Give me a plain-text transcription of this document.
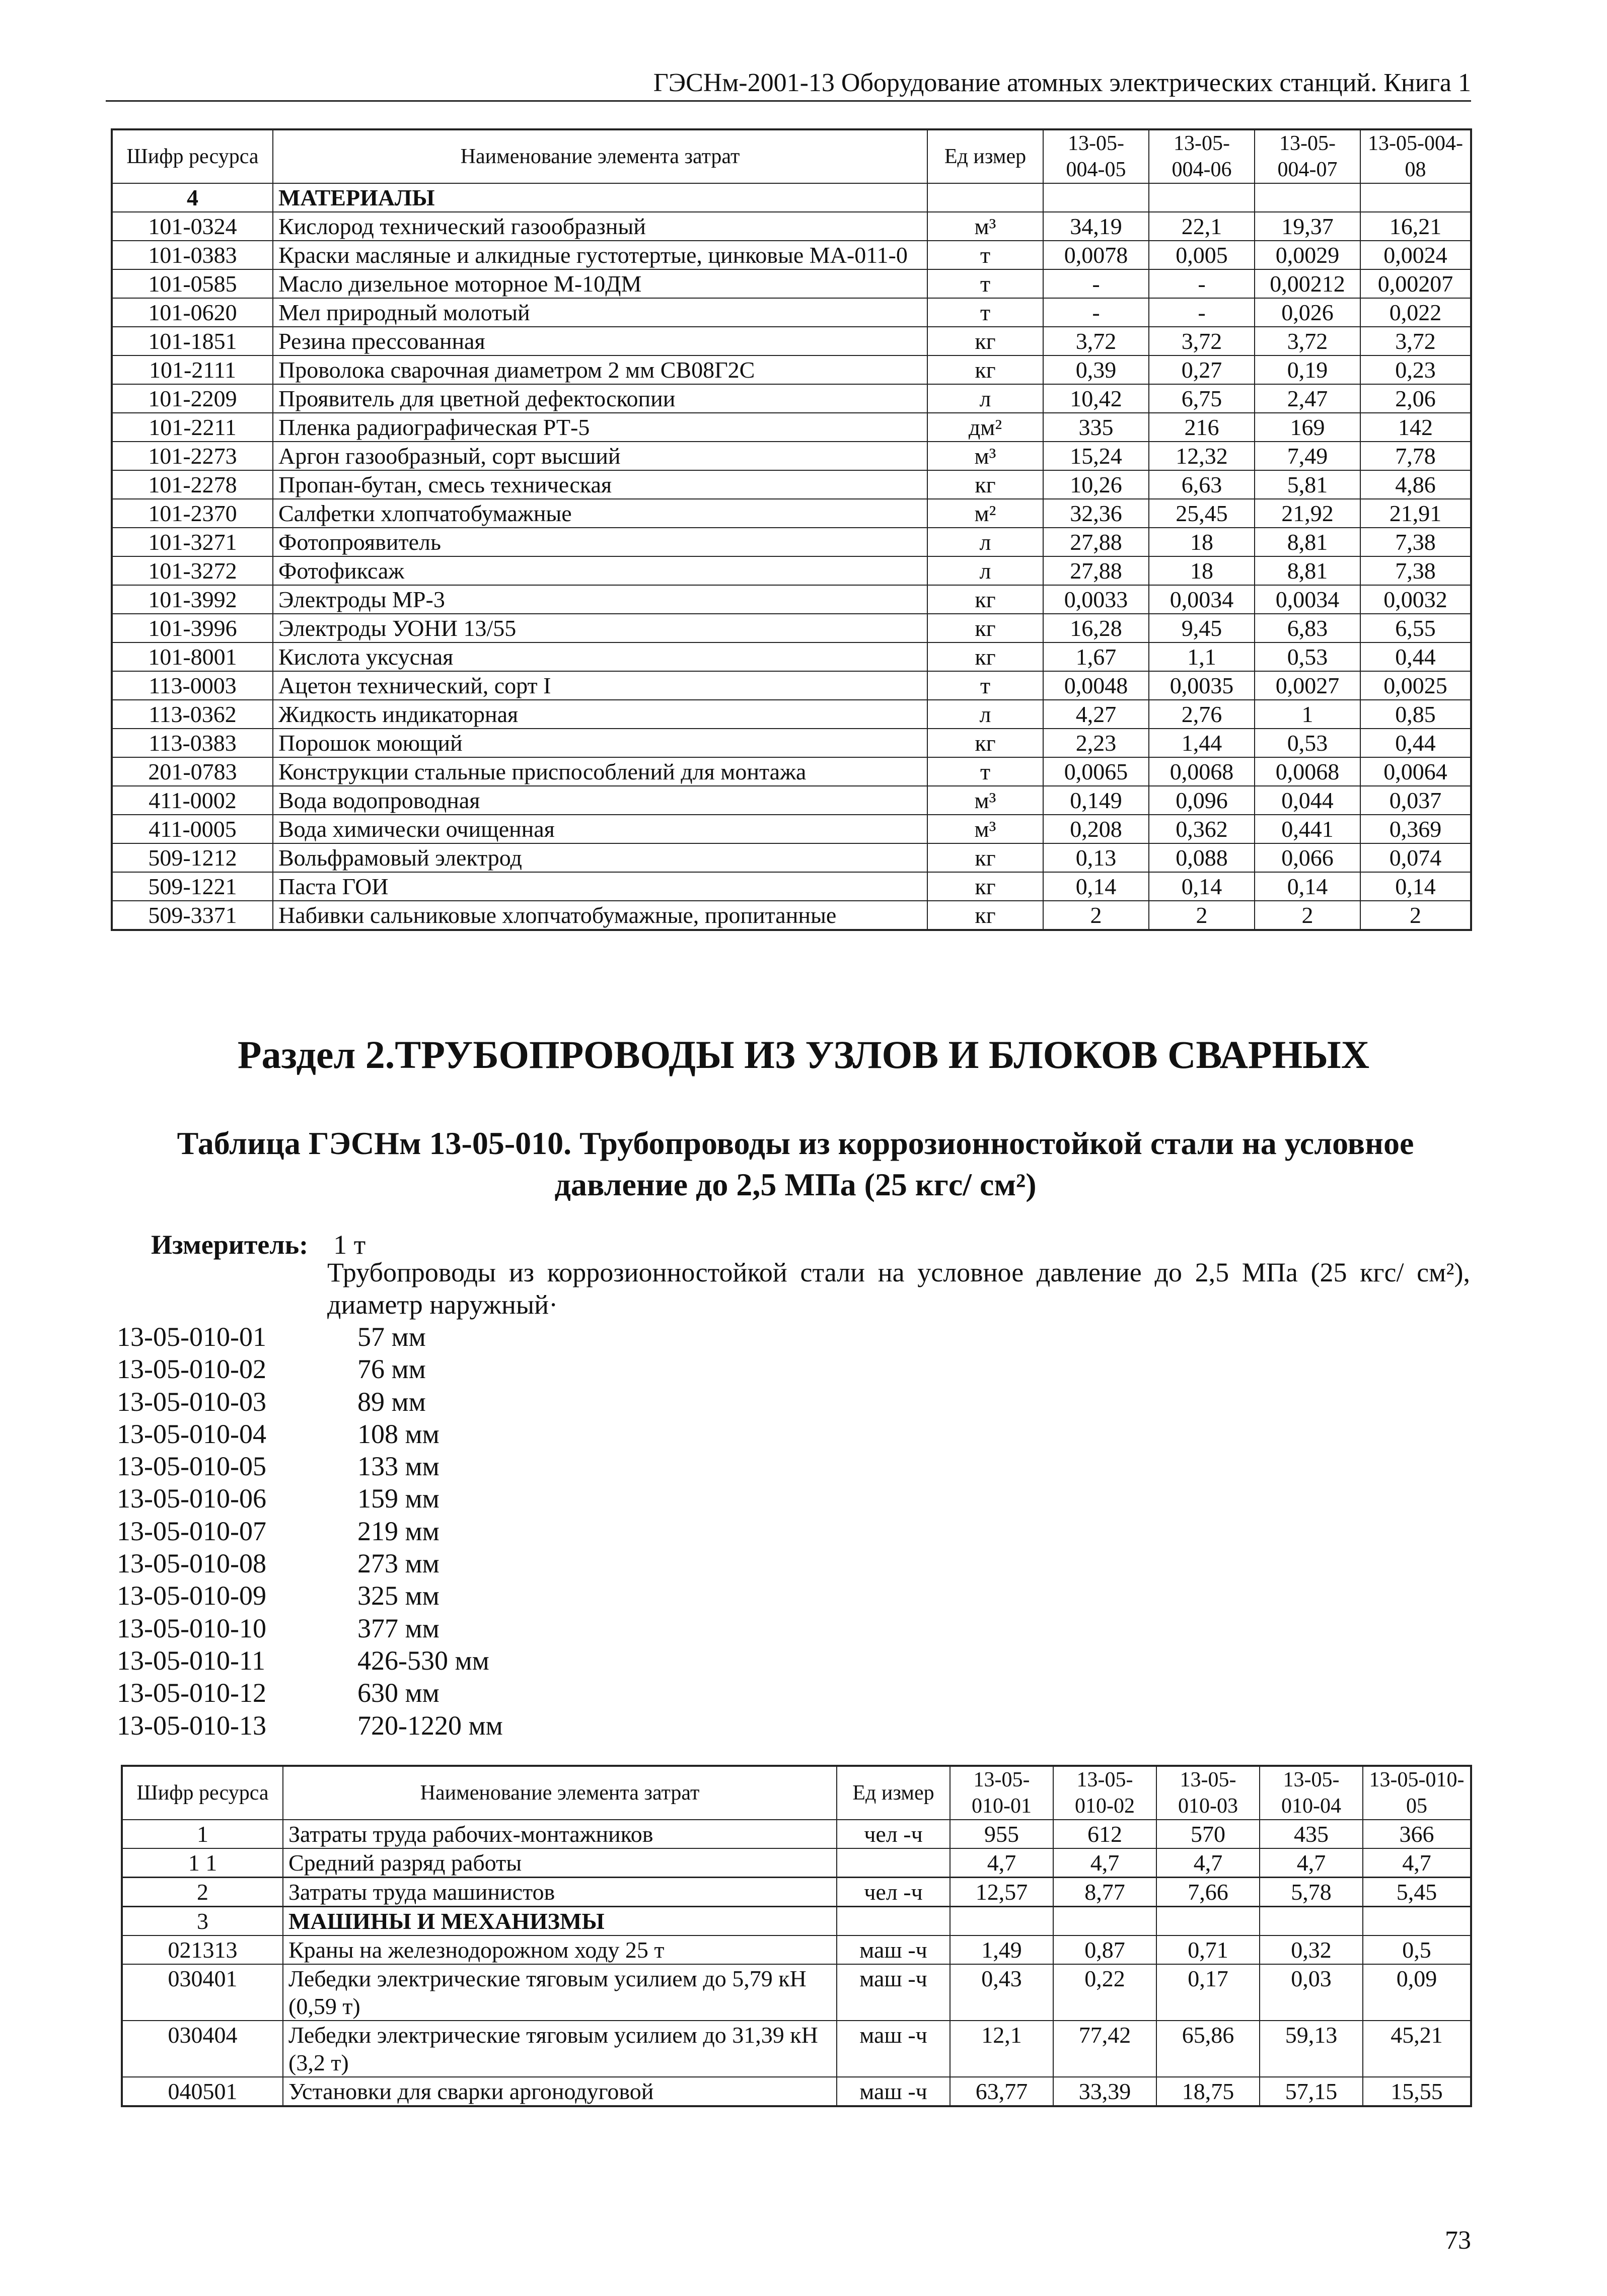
ГЭСНм-2001-13 Оборудование атомных электрических станций. Книга 1
Шифр ресурса	Наименование элемента затрат	Ед измер	13-05-004-05	13-05-004-06	13-05-004-07	13-05-004-08
4	МАТЕРИАЛЫ					
101-0324	Кислород технический газообразный	м³	34,19	22,1	19,37	16,21
101-0383	Краски масляные и алкидные густотертые, цинковые МА-011-0	т	0,0078	0,005	0,0029	0,0024
101-0585	Масло дизельное моторное М-10ДМ	т	-	-	0,00212	0,00207
101-0620	Мел природный молотый	т	-	-	0,026	0,022
101-1851	Резина прессованная	кг	3,72	3,72	3,72	3,72
101-2111	Проволока сварочная диаметром 2 мм СВ08Г2С	кг	0,39	0,27	0,19	0,23
101-2209	Проявитель для цветной дефектоскопии	л	10,42	6,75	2,47	2,06
101-2211	Пленка радиографическая РТ-5	дм²	335	216	169	142
101-2273	Аргон газообразный, сорт высший	м³	15,24	12,32	7,49	7,78
101-2278	Пропан-бутан, смесь техническая	кг	10,26	6,63	5,81	4,86
101-2370	Салфетки хлопчатобумажные	м²	32,36	25,45	21,92	21,91
101-3271	Фотопроявитель	л	27,88	18	8,81	7,38
101-3272	Фотофиксаж	л	27,88	18	8,81	7,38
101-3992	Электроды МР-3	кг	0,0033	0,0034	0,0034	0,0032
101-3996	Электроды УОНИ 13/55	кг	16,28	9,45	6,83	6,55
101-8001	Кислота уксусная	кг	1,67	1,1	0,53	0,44
113-0003	Ацетон технический, сорт I	т	0,0048	0,0035	0,0027	0,0025
113-0362	Жидкость индикаторная	л	4,27	2,76	1	0,85
113-0383	Порошок моющий	кг	2,23	1,44	0,53	0,44
201-0783	Конструкции стальные приспособлений для монтажа	т	0,0065	0,0068	0,0068	0,0064
411-0002	Вода водопроводная	м³	0,149	0,096	0,044	0,037
411-0005	Вода химически очищенная	м³	0,208	0,362	0,441	0,369
509-1212	Вольфрамовый электрод	кг	0,13	0,088	0,066	0,074
509-1221	Паста ГОИ	кг	0,14	0,14	0,14	0,14
509-3371	Набивки сальниковые хлопчатобумажные, пропитанные	кг	2	2	2	2
Раздел 2.ТРУБОПРОВОДЫ ИЗ УЗЛОВ И БЛОКОВ СВАРНЫХ
Таблица ГЭСНм 13-05-010. Трубопроводы из коррозионностойкой стали на условное
давление до 2,5 МПа (25 кгс/ см²)
Измеритель: 1 т
Трубопроводы из коррозионностойкой стали на условное давление до 2,5 МПа (25 кгс/ см²), диаметр наружный·
13-05-010-01	57 мм
13-05-010-02	76 мм
13-05-010-03	89 мм
13-05-010-04	108 мм
13-05-010-05	133 мм
13-05-010-06	159 мм
13-05-010-07	219 мм
13-05-010-08	273 мм
13-05-010-09	325 мм
13-05-010-10	377 мм
13-05-010-11	426-530 мм
13-05-010-12	630 мм
13-05-010-13	720-1220 мм
Шифр ресурса	Наименование элемента затрат	Ед измер	13-05-010-01	13-05-010-02	13-05-010-03	13-05-010-04	13-05-010-05
1	Затраты труда рабочих-монтажников	чел -ч	955	612	570	435	366
1 1	Средний разряд работы		4,7	4,7	4,7	4,7	4,7
2	Затраты труда машинистов	чел -ч	12,57	8,77	7,66	5,78	5,45
3	МАШИНЫ И МЕХАНИЗМЫ						
021313	Краны на железнодорожном ходу 25 т	маш -ч	1,49	0,87	0,71	0,32	0,5
030401	Лебедки электрические тяговым усилием до 5,79 кН (0,59 т)	маш -ч	0,43	0,22	0,17	0,03	0,09
030404	Лебедки электрические тяговым усилием до 31,39 кН (3,2 т)	маш -ч	12,1	77,42	65,86	59,13	45,21
040501	Установки для сварки аргонодуговой	маш -ч	63,77	33,39	18,75	57,15	15,55
73
